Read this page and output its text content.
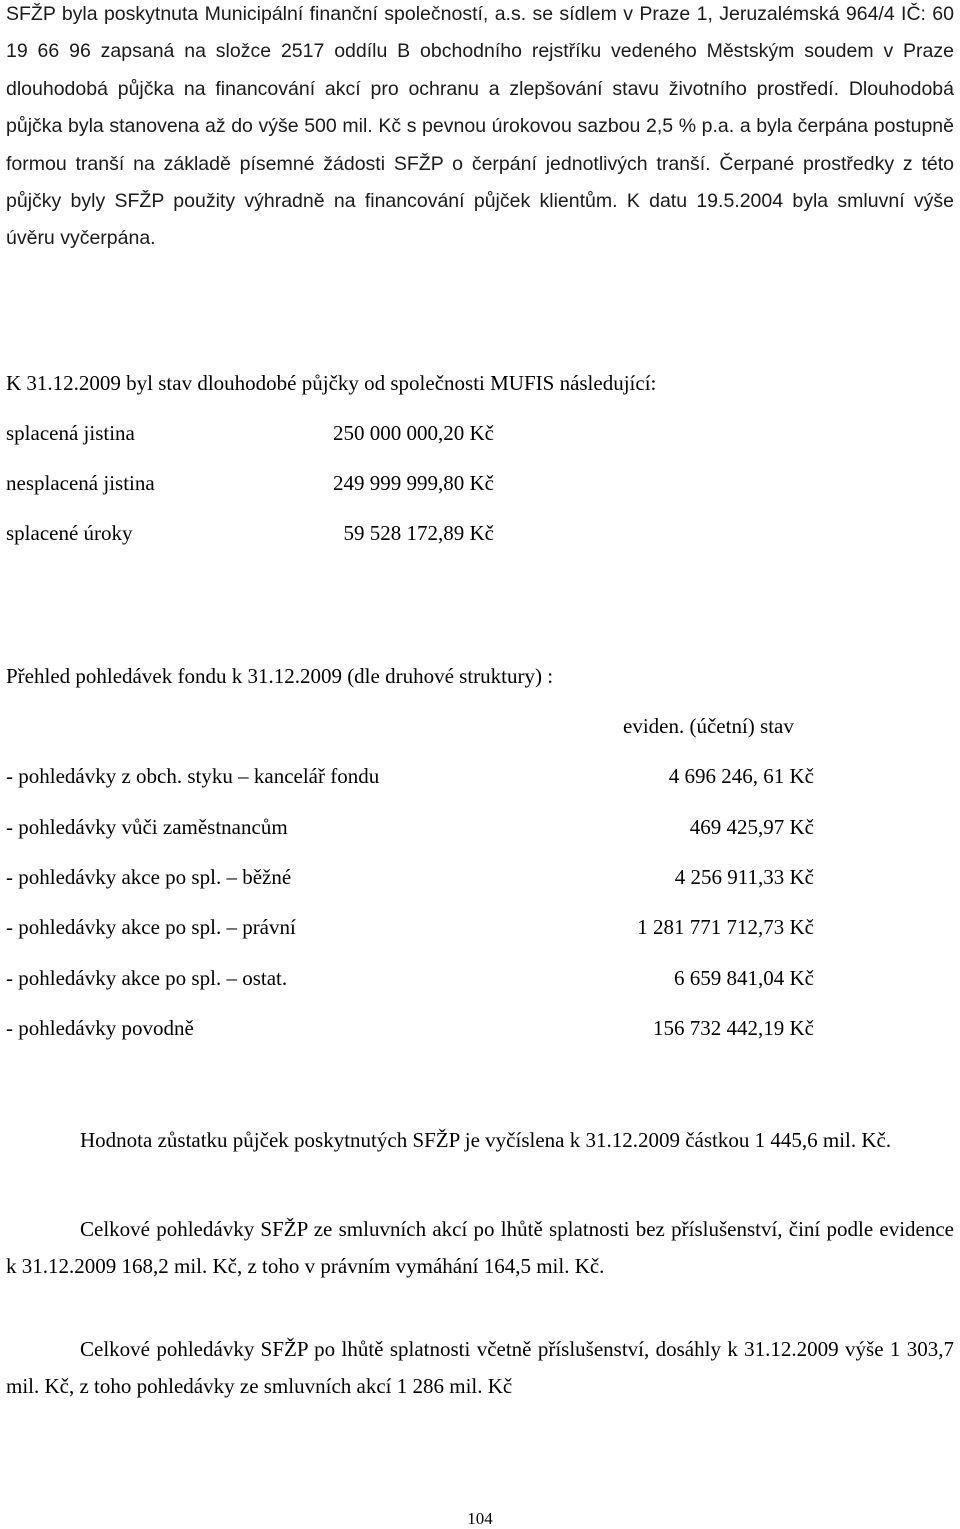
SFŽP byla poskytnuta Municipální finanční společností, a.s. se sídlem v Praze 1, Jeruzalémská 964/4 IČ: 60 19 66 96 zapsaná na složce 2517 oddílu B obchodního rejstříku vedeného Městským soudem v Praze dlouhodobá půjčka na financování akcí pro ochranu a zlepšování stavu životního prostředí. Dlouhodobá půjčka byla stanovena až do výše 500 mil. Kč s pevnou úrokovou sazbou 2,5 % p.a. a byla čerpána postupně formou tranší na základě písemné žádosti SFŽP o čerpání jednotlivých tranší. Čerpané prostředky z této půjčky byly SFŽP použity výhradně na financování půjček klientům. K datu 19.5.2004 byla smluvní výše úvěru vyčerpána.
K 31.12.2009 byl stav dlouhodobé půjčky od společnosti MUFIS následující:
splacená jistina	250 000 000,20 Kč
nesplacená jistina	249 999 999,80 Kč
splacené úroky	59 528 172,89 Kč
Přehled pohledávek fondu k 31.12.2009 (dle druhové struktury) :
eviden. (účetní) stav
- pohledávky z obch. styku – kancelář fondu	4 696 246, 61 Kč
- pohledávky vůči zaměstnancům	469 425,97 Kč
- pohledávky akce po spl. – běžné	4 256 911,33 Kč
- pohledávky akce po spl. – právní	1 281 771 712,73 Kč
- pohledávky akce po spl. – ostat.	6 659 841,04 Kč
- pohledávky povodně	156 732 442,19 Kč
Hodnota zůstatku půjček poskytnutých SFŽP je vyčíslena k 31.12.2009 částkou 1 445,6 mil. Kč.
Celkové pohledávky SFŽP ze smluvních akcí po lhůtě splatnosti bez příslušenství, činí podle evidence k 31.12.2009 168,2 mil. Kč, z toho v právním vymáhání 164,5 mil. Kč.
Celkové pohledávky SFŽP po lhůtě splatnosti včetně příslušenství, dosáhly k 31.12.2009 výše 1 303,7 mil. Kč, z toho pohledávky ze smluvních akcí 1 286 mil. Kč
104
